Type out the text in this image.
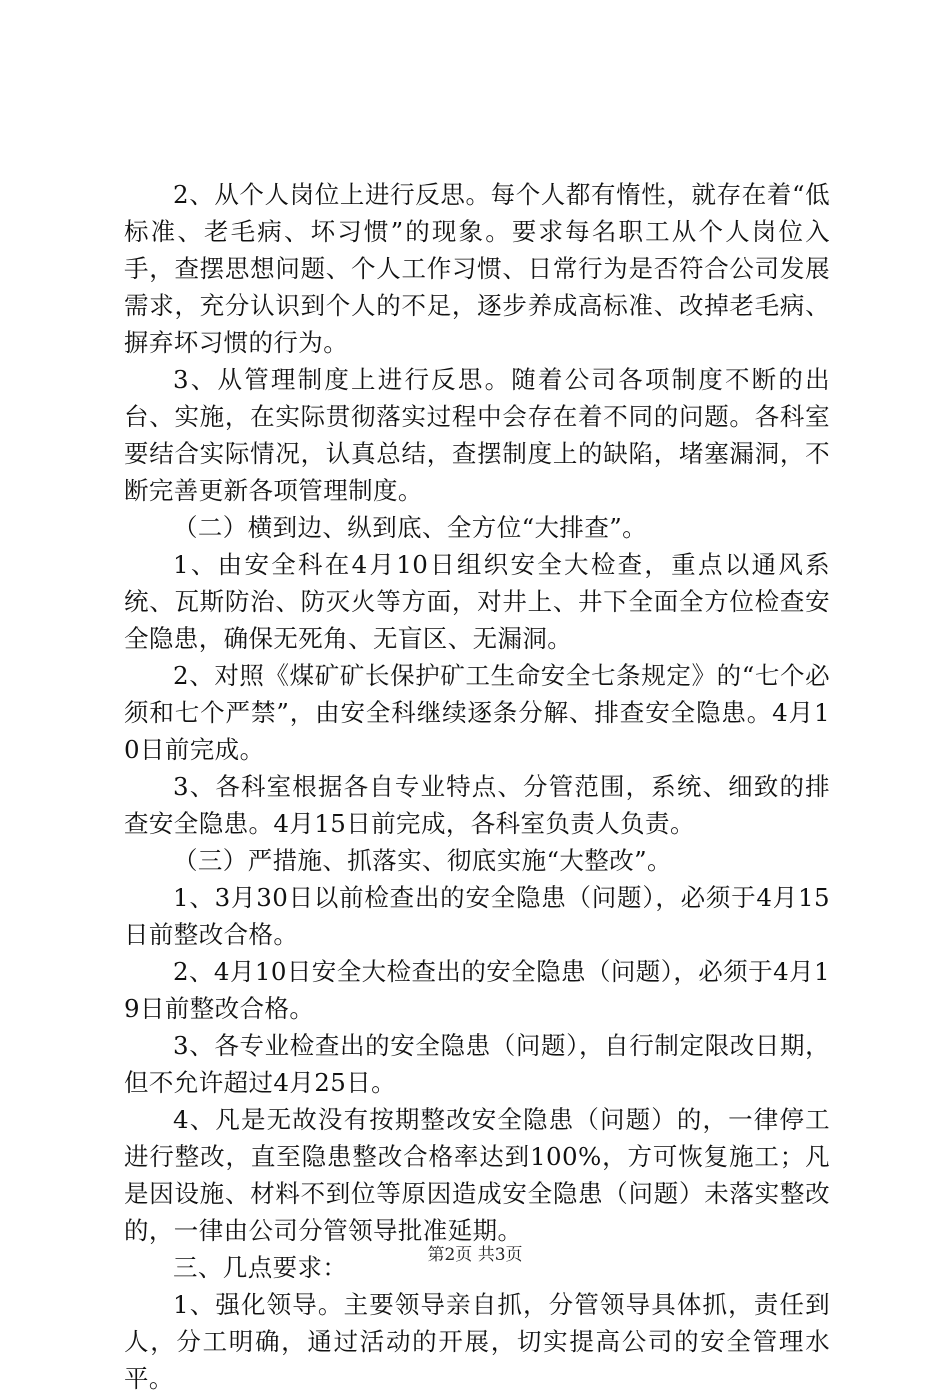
2、从个人岗位上进行反思。每个人都有惰性，就存在着“低标准、老毛病、坏习惯”的现象。要求每名职工从个人岗位入手，查摆思想问题、个人工作习惯、日常行为是否符合公司发展需求，充分认识到个人的不足，逐步养成高标准、改掉老毛病、摒弃坏习惯的行为。

3、从管理制度上进行反思。随着公司各项制度不断的出台、实施，在实际贯彻落实过程中会存在着不同的问题。各科室要结合实际情况，认真总结，查摆制度上的缺陷，堵塞漏洞，不断完善更新各项管理制度。

（二）横到边、纵到底、全方位“大排查”。

1、由安全科在4月10日组织安全大检查，重点以通风系统、瓦斯防治、防灭火等方面，对井上、井下全面全方位检查安全隐患，确保无死角、无盲区、无漏洞。

2、对照《煤矿矿长保护矿工生命安全七条规定》的“七个必须和七个严禁”，由安全科继续逐条分解、排查安全隐患。4月10日前完成。

3、各科室根据各自专业特点、分管范围，系统、细致的排查安全隐患。4月15日前完成，各科室负责人负责。

（三）严措施、抓落实、彻底实施“大整改”。

1、3月30日以前检查出的安全隐患（问题），必须于4月15日前整改合格。

2、4月10日安全大检查出的安全隐患（问题），必须于4月19日前整改合格。

3、各专业检查出的安全隐患（问题），自行制定限改日期，但不允许超过4月25日。

4、凡是无故没有按期整改安全隐患（问题）的，一律停工进行整改，直至隐患整改合格率达到100%，方可恢复施工；凡是因设施、材料不到位等原因造成安全隐患（问题）未落实整改的，一律由公司分管领导批准延期。

三、几点要求：

1、强化领导。主要领导亲自抓，分管领导具体抓，责任到人，分工明确，通过活动的开展，切实提高公司的安全管理水平。

第2页 共3页
